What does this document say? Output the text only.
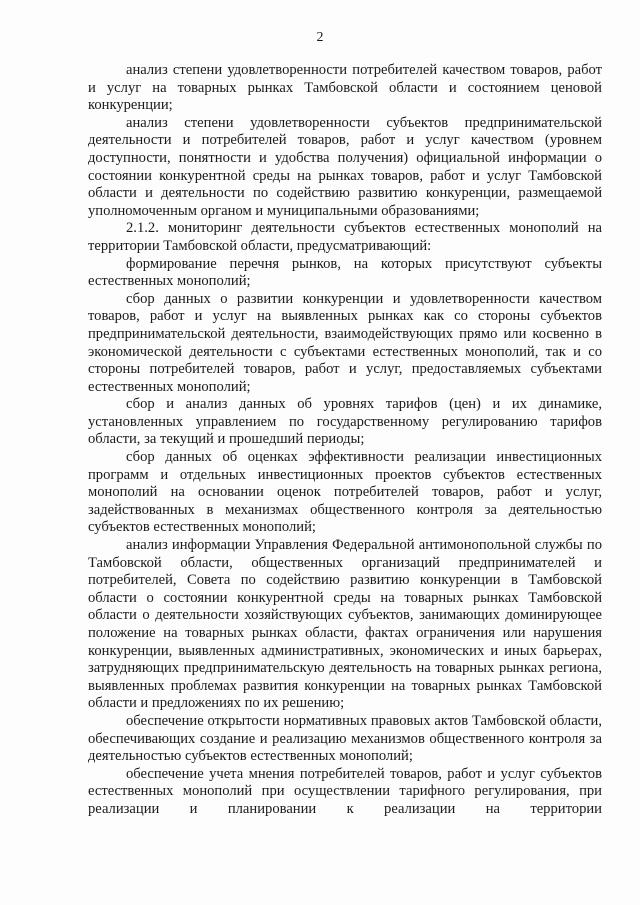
2

анализ степени удовлетворенности потребителей качеством товаров, работ и услуг на товарных рынках Тамбовской области и состоянием ценовой конкуренции;

анализ степени удовлетворенности субъектов предпринимательской деятельности и потребителей товаров, работ и услуг качеством (уровнем доступности, понятности и удобства получения) официальной информации о состоянии конкурентной среды на рынках товаров, работ и услуг Тамбовской области и деятельности по содействию развитию конкуренции, размещаемой уполномоченным органом и муниципальными образованиями;

2.1.2. мониторинг деятельности субъектов естественных монополий на территории Тамбовской области, предусматривающий:

формирование перечня рынков, на которых присутствуют субъекты естественных монополий;

сбор данных о развитии конкуренции и удовлетворенности качеством товаров, работ и услуг на выявленных рынках как со стороны субъектов предпринимательской деятельности, взаимодействующих прямо или косвенно в экономической деятельности с субъектами естественных монополий, так и со стороны потребителей товаров, работ и услуг, предоставляемых субъектами естественных монополий;

сбор и анализ данных об уровнях тарифов (цен) и их динамике, установленных управлением по государственному регулированию тарифов области, за текущий и прошедший периоды;

сбор данных об оценках эффективности реализации инвестиционных программ и отдельных инвестиционных проектов субъектов естественных монополий на основании оценок потребителей товаров, работ и услуг, задействованных в механизмах общественного контроля за деятельностью субъектов естественных монополий;

анализ информации Управления Федеральной антимонопольной службы по Тамбовской области, общественных организаций предпринимателей и потребителей, Совета по содействию развитию конкуренции в Тамбовской области о состоянии конкурентной среды на товарных рынках Тамбовской области о деятельности хозяйствующих субъектов, занимающих доминирующее положение на товарных рынках области, фактах ограничения или нарушения конкуренции, выявленных административных, экономических и иных барьерах, затрудняющих предпринимательскую деятельность на товарных рынках региона, выявленных проблемах развития конкуренции на товарных рынках Тамбовской области и предложениях по их решению;

обеспечение открытости нормативных правовых актов Тамбовской области, обеспечивающих создание и реализацию механизмов общественного контроля за деятельностью субъектов естественных монополий;

обеспечение учета мнения потребителей товаров, работ и услуг субъектов естественных монополий при осуществлении тарифного регулирования, при реализации и планировании к реализации на территории
